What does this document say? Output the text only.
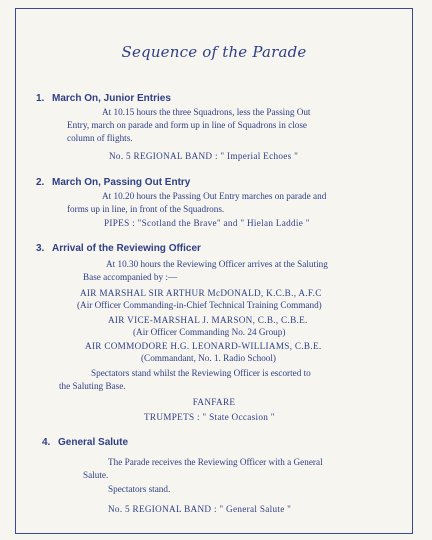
Sequence of the Parade
1. March On, Junior Entries
At 10.15 hours the three Squadrons, less the Passing Out
Entry, march on parade and form up in line of Squadrons in close
column of flights.
No. 5 REGIONAL BAND : " Imperial Echoes "
2. March On, Passing Out Entry
At 10.20 hours the Passing Out Entry marches on parade and
forms up in line, in front of the Squadrons.
PIPES : "Scotland the Brave" and " Hielan Laddie "
3. Arrival of the Reviewing Officer
At 10.30 hours the Reviewing Officer arrives at the Saluting
Base accompanied by :—
AIR MARSHAL SIR ARTHUR McDONALD, K.C.B., A.F.C
(Air Officer Commanding-in-Chief Technical Training Command)
AIR VICE-MARSHAL J. MARSON, C.B., C.B.E.
(Air Officer Commanding No. 24 Group)
AIR COMMODORE H.G. LEONARD-WILLIAMS, C.B.E.
(Commandant, No. 1. Radio School)
Spectators stand whilst the Reviewing Officer is escorted to
the Saluting Base.
FANFARE
TRUMPETS : " State Occasion "
4. General Salute
The Parade receives the Reviewing Officer with a General
Salute.
Spectators stand.
No. 5 REGIONAL BAND : " General Salute "
